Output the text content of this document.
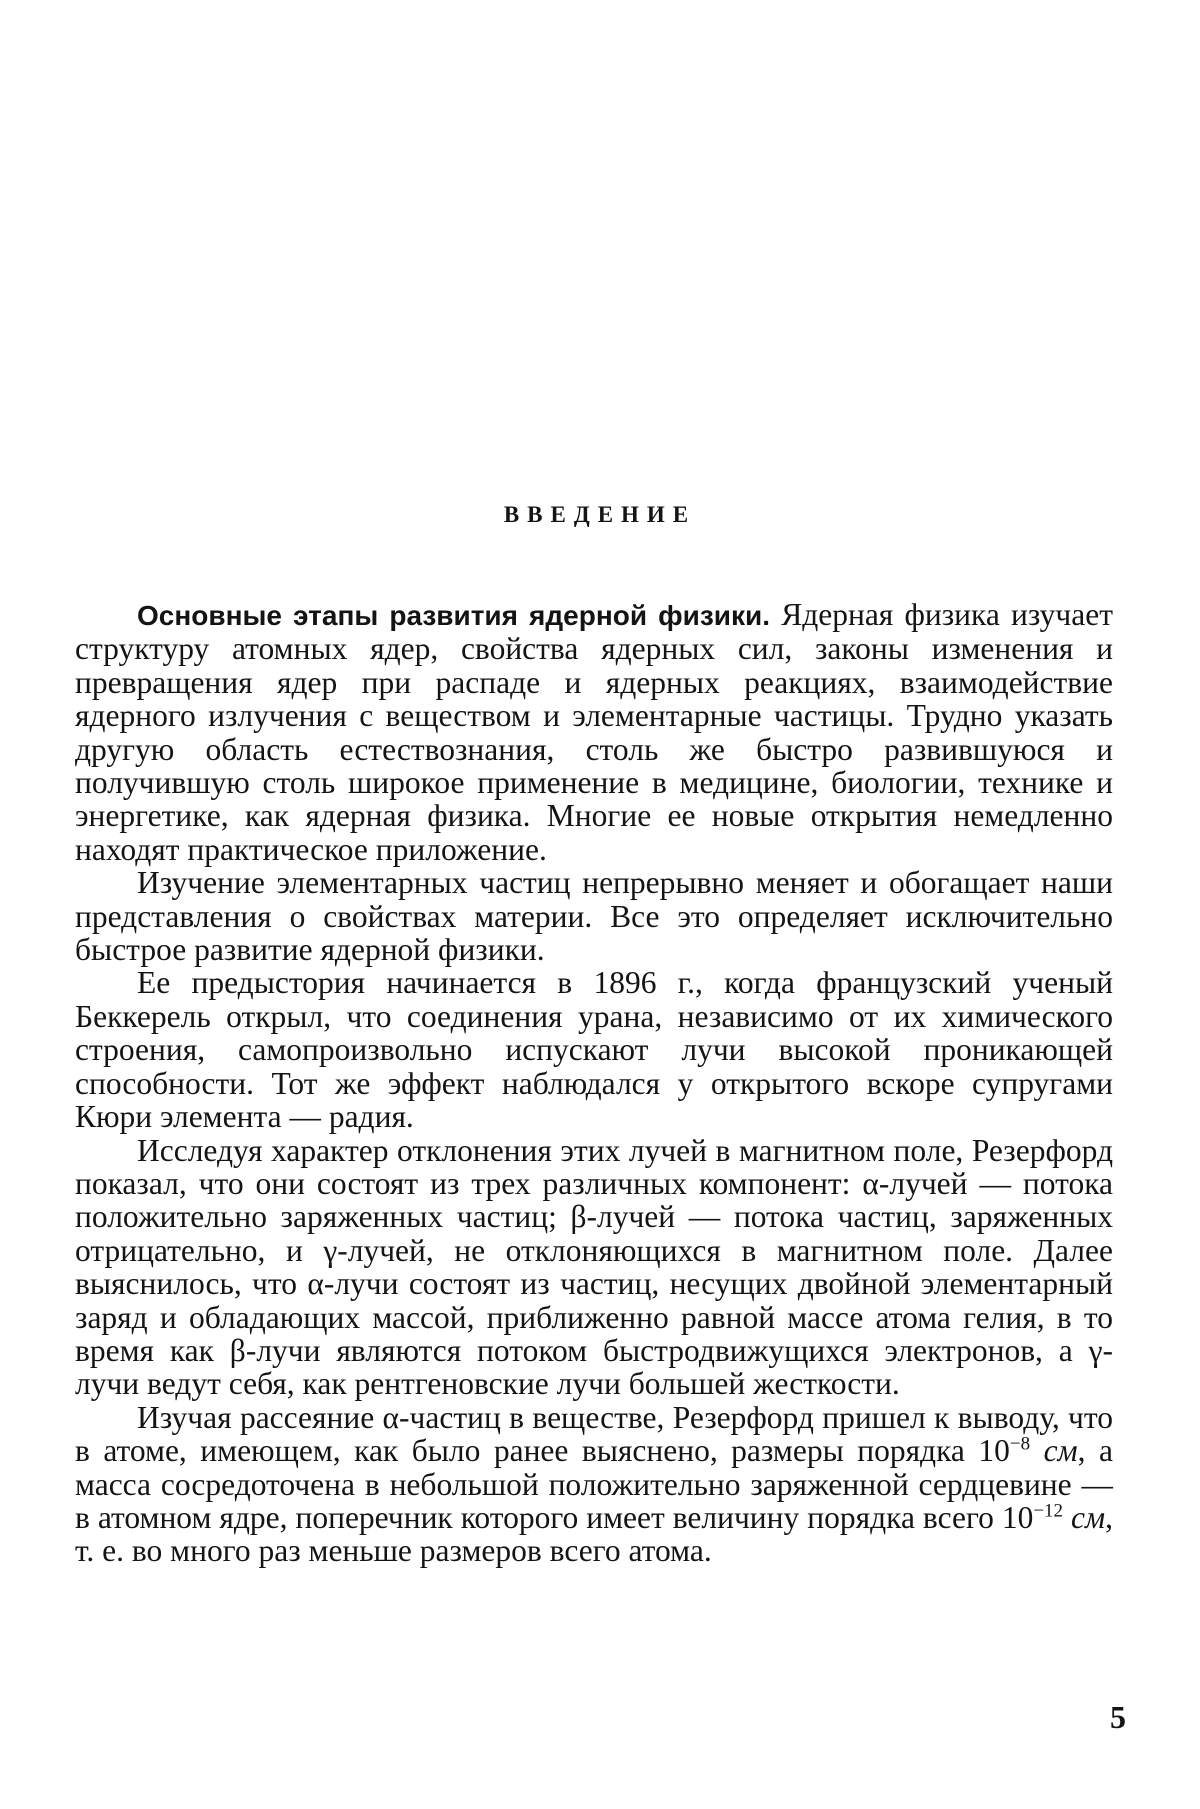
ВВЕДЕНИЕ

Основные этапы развития ядерной физики. Ядерная физика изучает структуру атомных ядер, свойства ядерных сил, законы изменения и превращения ядер при распаде и ядерных реакциях, взаимодействие ядерного излучения с веществом и элементарные частицы. Трудно указать другую область естествознания, столь же быстро развившуюся и получившую столь широкое применение в медицине, биологии, технике и энергетике, как ядерная физика. Многие ее новые открытия немедленно находят практическое приложение.

Изучение элементарных частиц непрерывно меняет и обогащает наши представления о свойствах материи. Все это определяет исключительно быстрое развитие ядерной физики.

Ее предыстория начинается в 1896 г., когда французский ученый Беккерель открыл, что соединения урана, независимо от их химического строения, самопроизвольно испускают лучи высокой проникающей способности. Тот же эффект наблюдался у открытого вскоре супругами Кюри элемента — радия.

Исследуя характер отклонения этих лучей в магнитном поле, Резерфорд показал, что они состоят из трех различных компонент: α-лучей — потока положительно заряженных частиц; β-лучей — потока частиц, заряженных отрицательно, и γ-лучей, не отклоняющихся в магнитном поле. Далее выяснилось, что α-лучи состоят из частиц, несущих двойной элементарный заряд и обладающих массой, приближенно равной массе атома гелия, в то время как β-лучи являются потоком быстродвижущихся электронов, а γ-лучи ведут себя, как рентгеновские лучи большей жесткости.

Изучая рассеяние α-частиц в веществе, Резерфорд пришел к выводу, что в атоме, имеющем, как было ранее выяснено, размеры порядка $10^{-8}$ см, а масса сосредоточена в небольшой положительно заряженной сердцевине — в атомном ядре, поперечник которого имеет величину порядка всего $10^{-12}$ см, т. е. во много раз меньше размеров всего атома.

5
